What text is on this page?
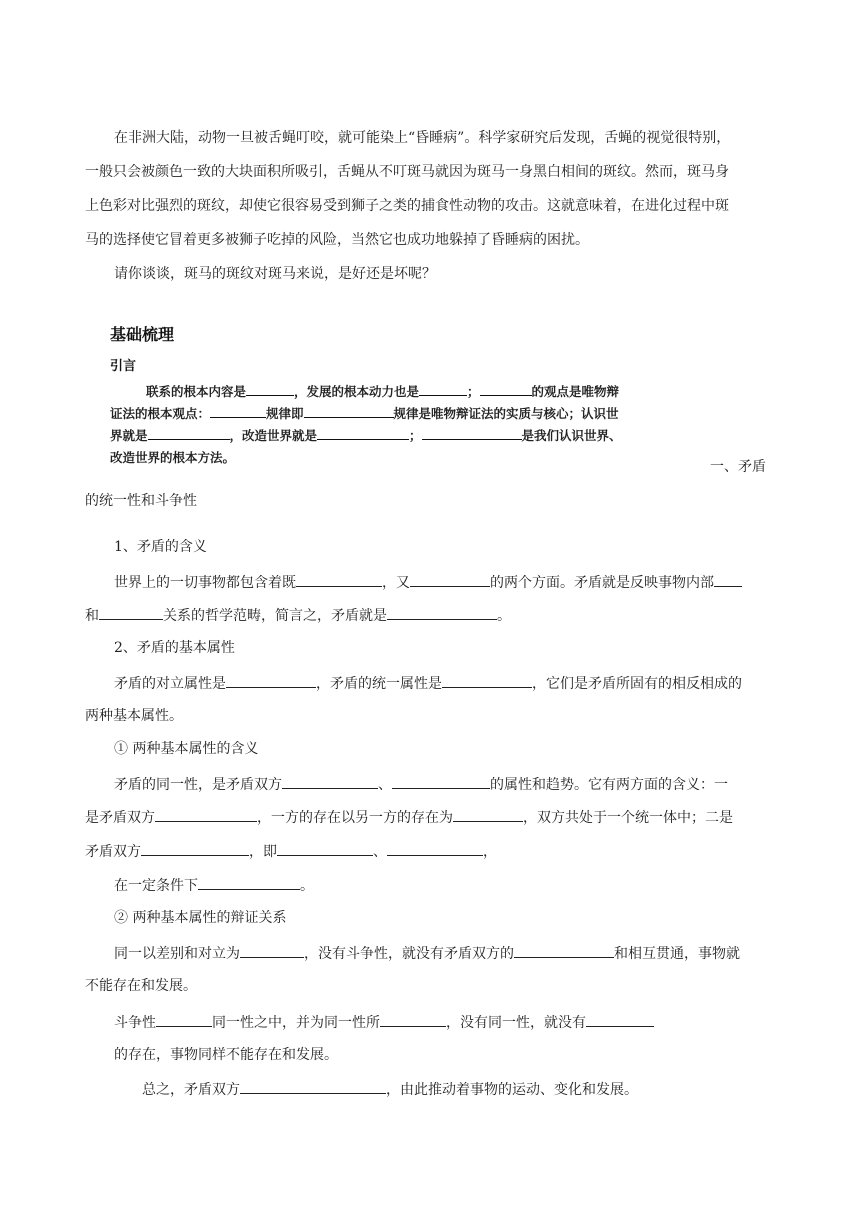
在非洲大陆，动物一旦被舌蝇叮咬，就可能染上“昏睡病”。科学家研究后发现，舌蝇的视觉很特别，
一般只会被颜色一致的大块面积所吸引，舌蝇从不叮斑马就因为斑马一身黑白相间的斑纹。然而，斑马身
上色彩对比强烈的斑纹，却使它很容易受到狮子之类的捕食性动物的攻击。这就意味着，在进化过程中斑
马的选择使它冒着更多被狮子吃掉的风险，当然它也成功地躲掉了昏睡病的困扰。
请你谈谈，斑马的斑纹对斑马来说，是好还是坏呢？
基础梳理
引言
联系的根本内容是	，发展的根本动力也是	；	的观点是唯物辩
证法的根本观点：	规律即	规律是唯物辩证法的实质与核心；认识世
界就是	，改造世界就是	；	是我们认识世界、
改造世界的根本方法。
一、矛盾
的统一性和斗争性
1、矛盾的含义
世界上的一切事物都包含着既	，又	的两个方面。矛盾就是反映事物内部
和	关系的哲学范畴，简言之，矛盾就是	。
2、矛盾的基本属性
矛盾的对立属性是	，矛盾的统一属性是	，它们是矛盾所固有的相反相成的
两种基本属性。
① 两种基本属性的含义
矛盾的同一性，是矛盾双方	、	的属性和趋势。它有两方面的含义：一
是矛盾双方	，一方的存在以另一方的存在为	，双方共处于一个统一体中；二是
矛盾双方	，即	、	，
在一定条件下	。
② 两种基本属性的辩证关系
同一以差别和对立为	，没有斗争性，就没有矛盾双方的	和相互贯通，事物就
不能存在和发展。
斗争性	同一性之中，并为同一性所	，没有同一性，就没有
的存在，事物同样不能存在和发展。
总之，矛盾双方	，由此推动着事物的运动、变化和发展。
